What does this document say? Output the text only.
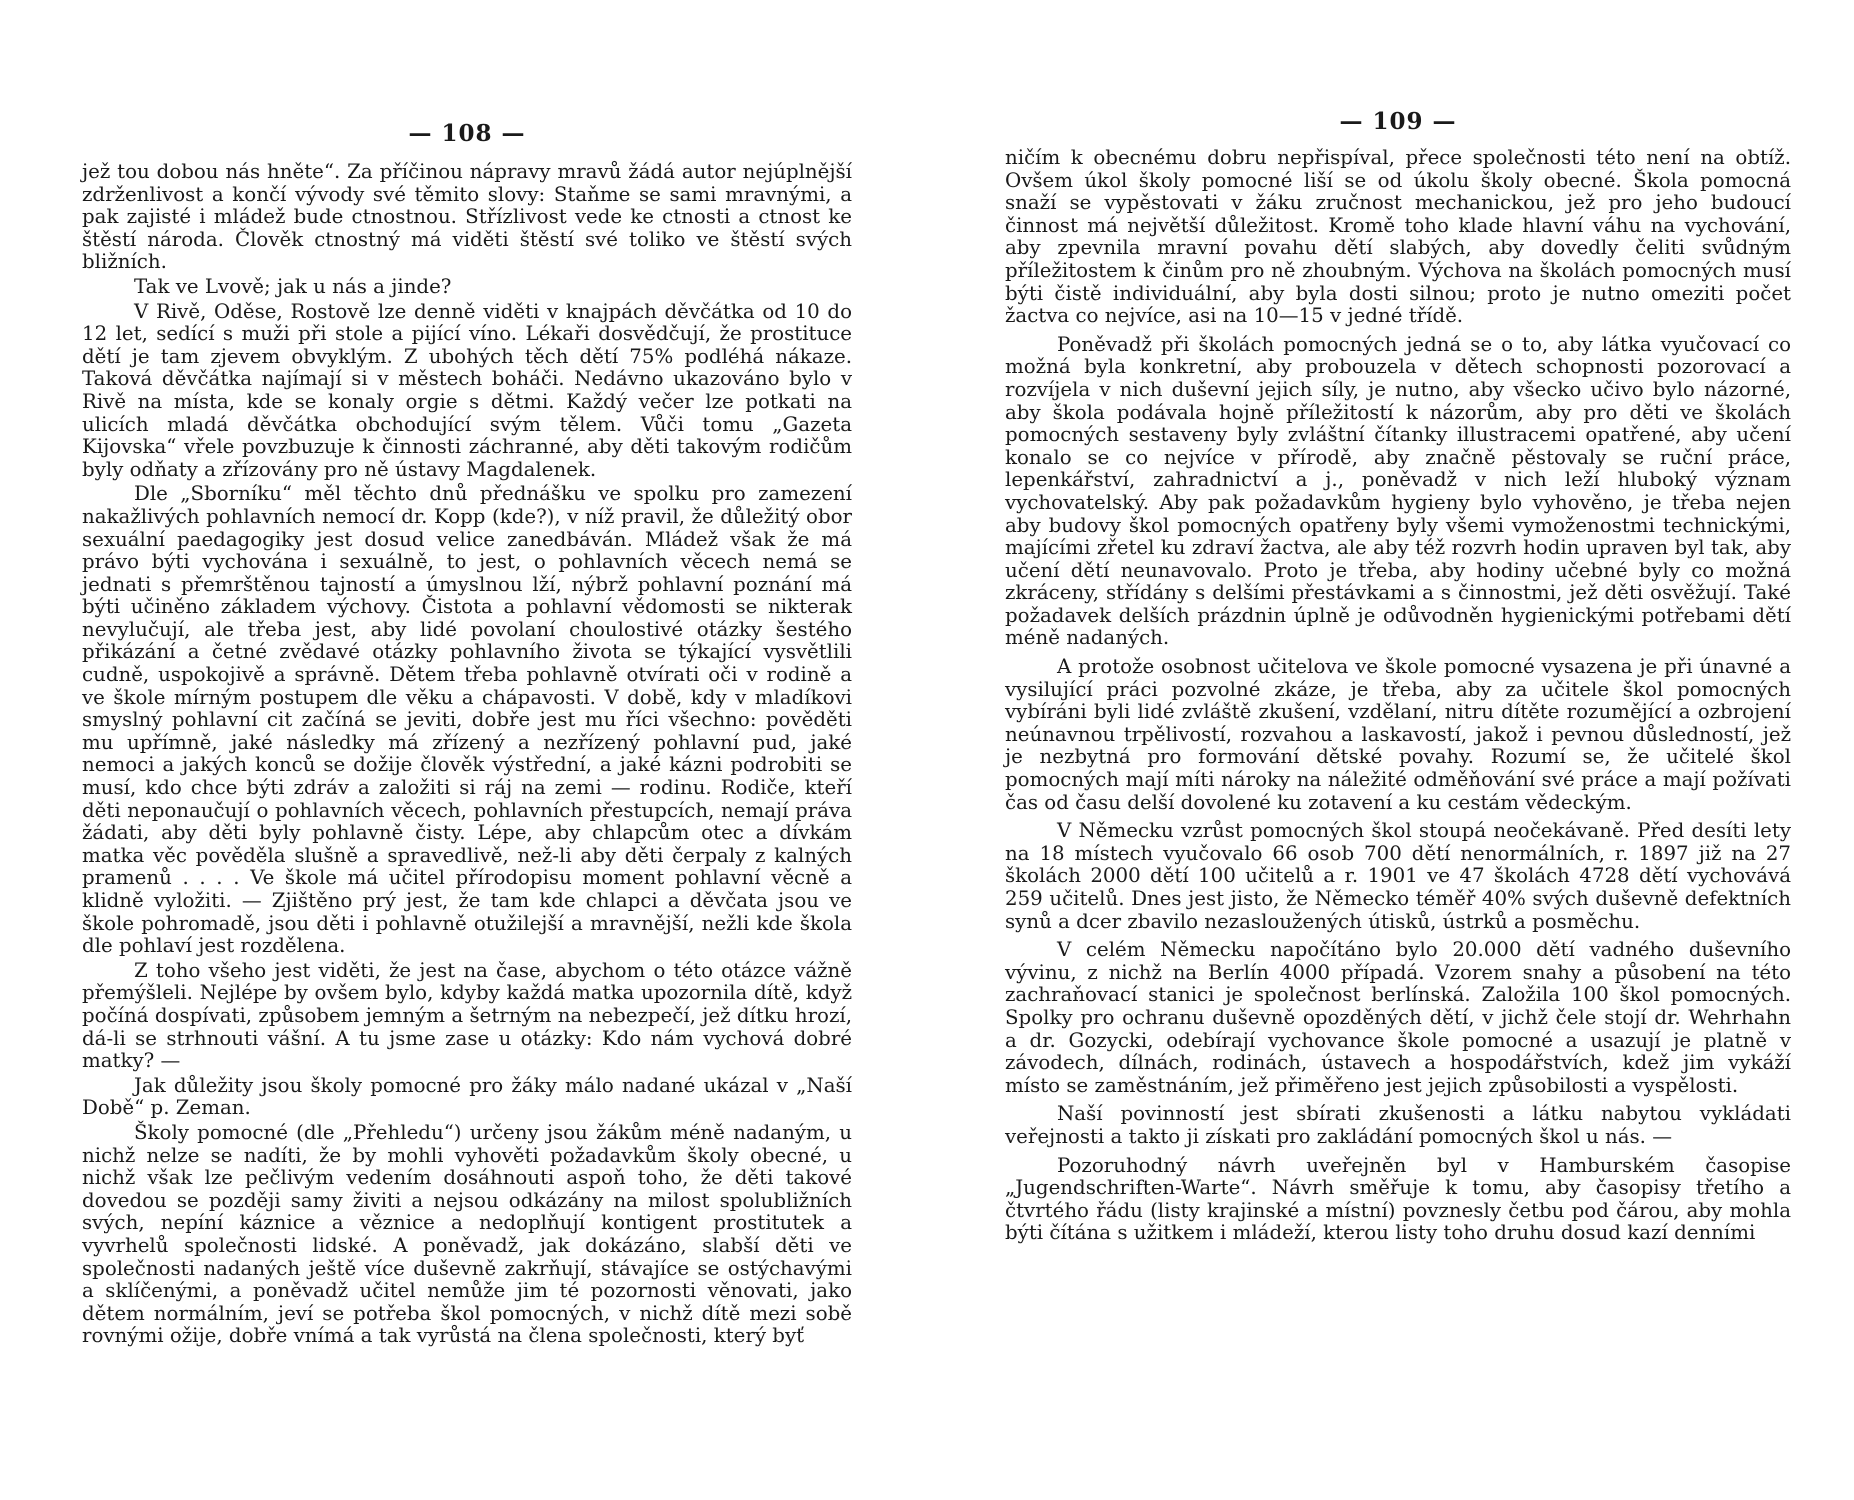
— 108 —

jež tou dobou nás hněte“. Za příčinou nápravy mravů žádá autor nejúplnější zdrženlivost a končí vývody své těmito slovy: Staňme se sami mravnými, a pak zajisté i mládež bude ctnostnou. Střízlivost vede ke ctnosti a ctnost ke štěstí národa. Člověk ctnostný má viděti štěstí své toliko ve štěstí svých bližních.

Tak ve Lvově; jak u nás a jinde?

V Rivě, Oděse, Rostově lze denně viděti v knajpách děvčátka od 10 do 12 let, sedící s muži při stole a pijící víno. Lékaři dosvědčují, že prostituce dětí je tam zjevem obvyklým. Z ubohých těch dětí 75% podléhá nákaze. Taková děvčátka najímají si v městech boháči. Nedávno ukazováno bylo v Rivě na místa, kde se konaly orgie s dětmi. Každý večer lze potkati na ulicích mladá děvčátka obchodující svým tělem. Vůči tomu „Gazeta Kijovska“ vřele povzbuzuje k činnosti záchranné, aby děti takovým rodičům byly odňaty a zřízovány pro ně ústavy Magdalenek.

Dle „Sborníku“ měl těchto dnů přednášku ve spolku pro zamezení nakažlivých pohlavních nemocí dr. Kopp (kde?), v níž pravil, že důležitý obor sexuální paedagogiky jest dosud velice zanedbáván. Mládež však že má právo býti vychována i sexuálně, to jest, o pohlavních věcech nemá se jednati s přemrštěnou tajností a úmyslnou lží, nýbrž pohlavní poznání má býti učiněno základem výchovy. Čistota a pohlavní vědomosti se nikterak nevylučují, ale třeba jest, aby lidé povolaní choulostivé otázky šestého přikázání a četné zvědavé otázky pohlavního života se týkající vysvětlili cudně, uspokojivě a správně. Dětem třeba pohlavně otvírati oči v rodině a ve škole mírným postupem dle věku a chápavosti. V době, kdy v mladíkovi smyslný pohlavní cit začíná se jeviti, dobře jest mu říci všechno: pověděti mu upřímně, jaké následky má zřízený a nezřízený pohlavní pud, jaké nemoci a jakých konců se dožije člověk výstřední, a jaké kázni podrobiti se musí, kdo chce býti zdráv a založiti si ráj na zemi — rodinu. Rodiče, kteří děti neponaučují o pohlavních věcech, pohlavních přestupcích, nemají práva žádati, aby děti byly pohlavně čisty. Lépe, aby chlapcům otec a dívkám matka věc pověděla slušně a spravedlivě, než-li aby děti čerpaly z kalných pramenů . . . . Ve škole má učitel přírodopisu moment pohlavní věcně a klidně vyložiti. — Zjištěno prý jest, že tam kde chlapci a děvčata jsou ve škole pohromadě, jsou děti i pohlavně otužilejší a mravnější, nežli kde škola dle pohlaví jest rozdělena.

Z toho všeho jest viděti, že jest na čase, abychom o této otázce vážně přemýšleli. Nejlépe by ovšem bylo, kdyby každá matka upozornila dítě, když počíná dospívati, způsobem jemným a šetrným na nebezpečí, jež dítku hrozí, dá-li se strhnouti vášní. A tu jsme zase u otázky: Kdo nám vychová dobré matky? —

Jak důležity jsou školy pomocné pro žáky málo nadané ukázal v „Naší Době“ p. Zeman.

Školy pomocné (dle „Přehledu“) určeny jsou žákům méně nadaným, u nichž nelze se nadíti, že by mohli vyhověti požadavkům školy obecné, u nichž však lze pečlivým vedením dosáhnouti aspoň toho, že děti takové dovedou se později samy živiti a nejsou odkázány na milost spolubližních svých, nepíní káznice a věznice a nedoplňují kontigent prostitutek a vyvrhelů společnosti lidské. A poněvadž, jak dokázáno, slabší děti ve společnosti nadaných ještě více duševně zakrňují, stávajíce se ostýchavými a sklíčenými, a poněvadž učitel nemůže jim té pozornosti věnovati, jako dětem normálním, jeví se potřeba škol pomocných, v nichž dítě mezi sobě rovnými ožije, dobře vnímá a tak vyrůstá na člena společnosti, který byť

— 109 —

ničím k obecnému dobru nepřispíval, přece společnosti této není na obtíž. Ovšem úkol školy pomocné liší se od úkolu školy obecné. Škola pomocná snaží se vypěstovati v žáku zručnost mechanickou, jež pro jeho budoucí činnost má největší důležitost. Kromě toho klade hlavní váhu na vychování, aby zpevnila mravní povahu dětí slabých, aby dovedly čeliti svůdným příležitostem k činům pro ně zhoubným. Výchova na školách pomocných musí býti čistě individuální, aby byla dosti silnou; proto je nutno omeziti počet žactva co nejvíce, asi na 10—15 v jedné třídě.

Poněvadž při školách pomocných jedná se o to, aby látka vyučovací co možná byla konkretní, aby probouzela v dětech schopnosti pozorovací a rozvíjela v nich duševní jejich síly, je nutno, aby všecko učivo bylo názorné, aby škola podávala hojně příležitostí k názorům, aby pro děti ve školách pomocných sestaveny byly zvláštní čítanky illustracemi opatřené, aby učení konalo se co nejvíce v přírodě, aby značně pěstovaly se ruční práce, lepenkářství, zahradnictví a j., poněvadž v nich leží hluboký význam vychovatelský. Aby pak požadavkům hygieny bylo vyhověno, je třeba nejen aby budovy škol pomocných opatřeny byly všemi vymoženostmi technickými, majícími zřetel ku zdraví žactva, ale aby též rozvrh hodin upraven byl tak, aby učení dětí neunavovalo. Proto je třeba, aby hodiny učebné byly co možná zkráceny, střídány s delšími přestávkami a s činnostmi, jež děti osvěžují. Také požadavek delších prázdnin úplně je odůvodněn hygienickými potřebami dětí méně nadaných.

A protože osobnost učitelova ve škole pomocné vysazena je při únavné a vysilující práci pozvolné zkáze, je třeba, aby za učitele škol pomocných vybíráni byli lidé zvláště zkušení, vzdělaní, nitru dítěte rozumějící a ozbrojení neúnavnou trpělivostí, rozvahou a laskavostí, jakož i pevnou důsledností, jež je nezbytná pro formování dětské povahy. Rozumí se, že učitelé škol pomocných mají míti nároky na náležité odměňování své práce a mají požívati čas od času delší dovolené ku zotavení a ku cestám vědeckým.

V Německu vzrůst pomocných škol stoupá neočekávaně. Před desíti lety na 18 místech vyučovalo 66 osob 700 dětí nenormálních, r. 1897 již na 27 školách 2000 dětí 100 učitelů a r. 1901 ve 47 školách 4728 dětí vychovává 259 učitelů. Dnes jest jisto, že Německo téměř 40% svých duševně defektních synů a dcer zbavilo nezasloužených útisků, ústrků a posměchu.

V celém Německu napočítáno bylo 20.000 dětí vadného duševního vývinu, z nichž na Berlín 4000 případá. Vzorem snahy a působení na této zachraňovací stanici je společnost berlínská. Založila 100 škol pomocných. Spolky pro ochranu duševně opozděných dětí, v jichž čele stojí dr. Wehrhahn a dr. Gozycki, odebírají vychovance škole pomocné a usazují je platně v závodech, dílnách, rodinách, ústavech a hospodářstvích, kdež jim vykáží místo se zaměstnáním, jež přiměřeno jest jejich způsobilosti a vyspělosti.

Naší povinností jest sbírati zkušenosti a látku nabytou vykládati veřejnosti a takto ji získati pro zakládání pomocných škol u nás. —

Pozoruhodný návrh uveřejněn byl v Hamburském časopise „Jugendschriften-Warte“. Návrh směřuje k tomu, aby časopisy třetího a čtvrtého řádu (listy krajinské a místní) povznesly četbu pod čárou, aby mohla býti čítána s užitkem i mládeží, kterou listy toho druhu dosud kazí denními
